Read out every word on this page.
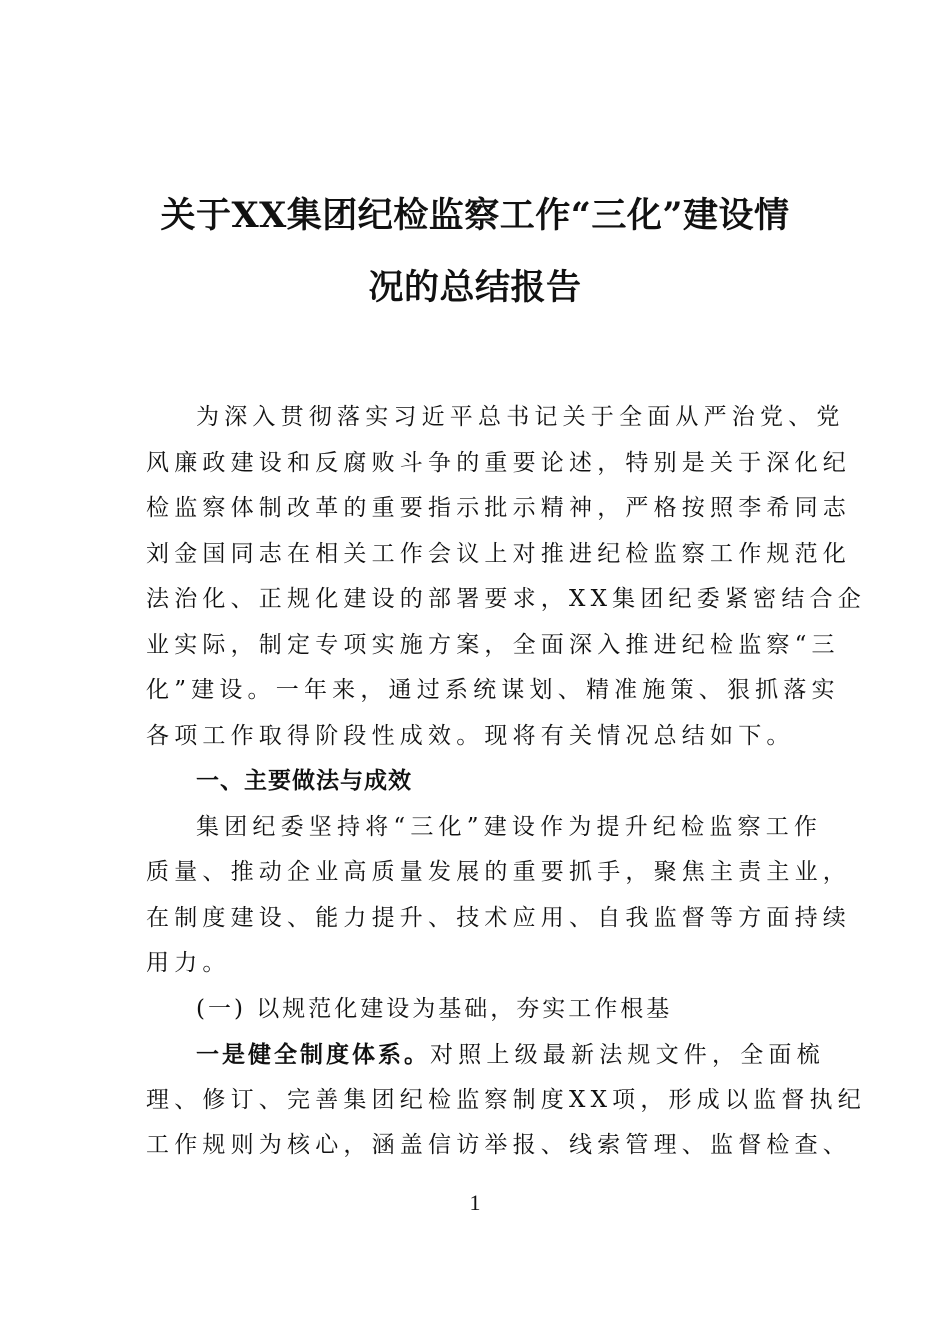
关于XX集团纪检监察工作“三化”建设情
况的总结报告
为深入贯彻落实习近平总书记关于全面从严治党、党
风廉政建设和反腐败斗争的重要论述，特别是关于深化纪
检监察体制改革的重要指示批示精神，严格按照李希同志
刘金国同志在相关工作会议上对推进纪检监察工作规范化
法治化、正规化建设的部署要求，XX集团纪委紧密结合企
业实际，制定专项实施方案，全面深入推进纪检监察“三
化”建设。一年来，通过系统谋划、精准施策、狠抓落实
各项工作取得阶段性成效。现将有关情况总结如下。
一、主要做法与成效
集团纪委坚持将“三化”建设作为提升纪检监察工作
质量、推动企业高质量发展的重要抓手，聚焦主责主业，
在制度建设、能力提升、技术应用、自我监督等方面持续
用力。
(一) 以规范化建设为基础，夯实工作根基
一是健全制度体系。对照上级最新法规文件，全面梳
理、修订、完善集团纪检监察制度XX项，形成以监督执纪
工作规则为核心，涵盖信访举报、线索管理、监督检查、
1
